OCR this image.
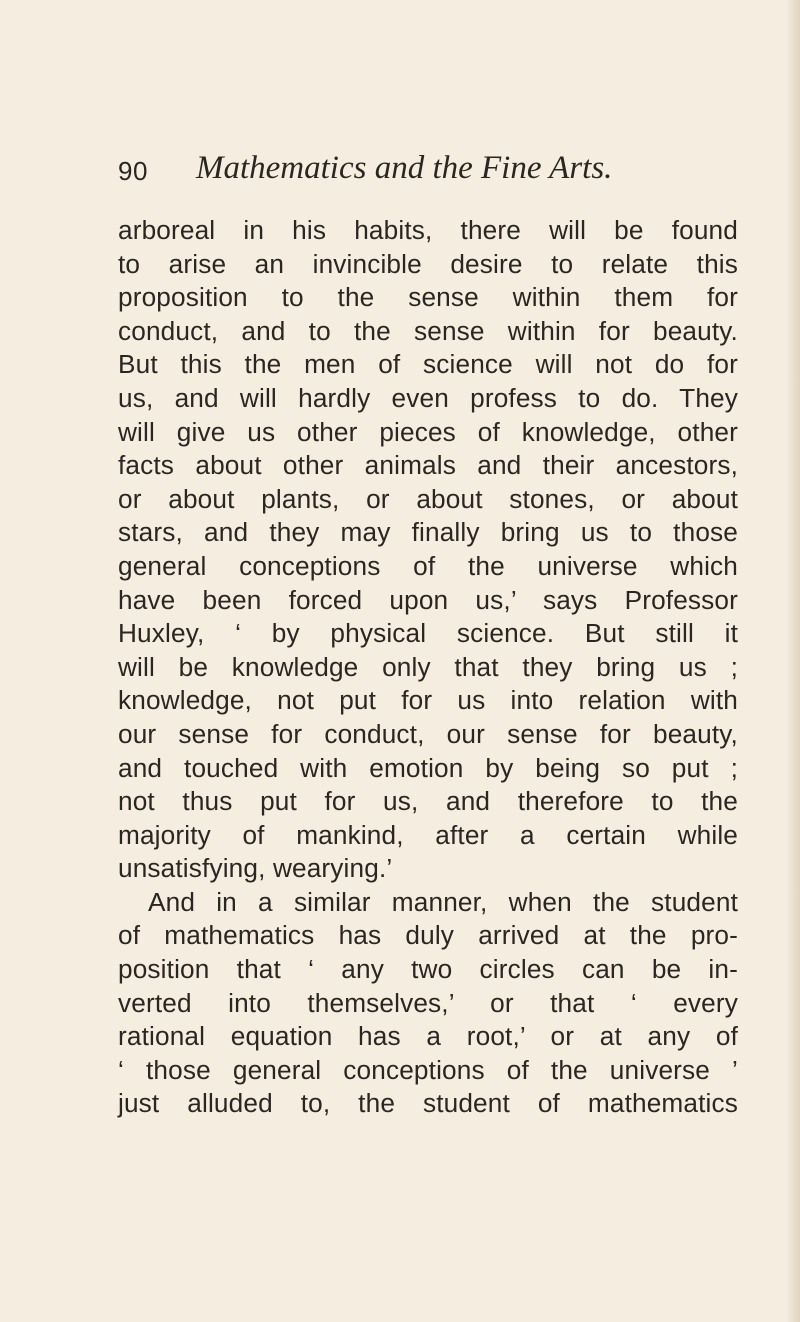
90 Mathematics and the Fine Arts.
arboreal in his habits, there will be found
to arise an invincible desire to relate this
proposition to the sense within them for
conduct, and to the sense within for beauty.
But this the men of science will not do for
us, and will hardly even profess to do. They
will give us other pieces of knowledge, other
facts about other animals and their ancestors,
or about plants, or about stones, or about
stars, and they may finally bring us to those
general conceptions of the universe which
have been forced upon us,’ says Professor
Huxley, ‘ by physical science. But still it
will be knowledge only that they bring us ;
knowledge, not put for us into relation with
our sense for conduct, our sense for beauty,
and touched with emotion by being so put ;
not thus put for us, and therefore to the
majority of mankind, after a certain while
unsatisfying, wearying.’
And in a similar manner, when the student
of mathematics has duly arrived at the pro-
position that ‘ any two circles can be in-
verted into themselves,’ or that ‘ every
rational equation has a root,’ or at any of
‘ those general conceptions of the universe ’
just alluded to, the student of mathematics
